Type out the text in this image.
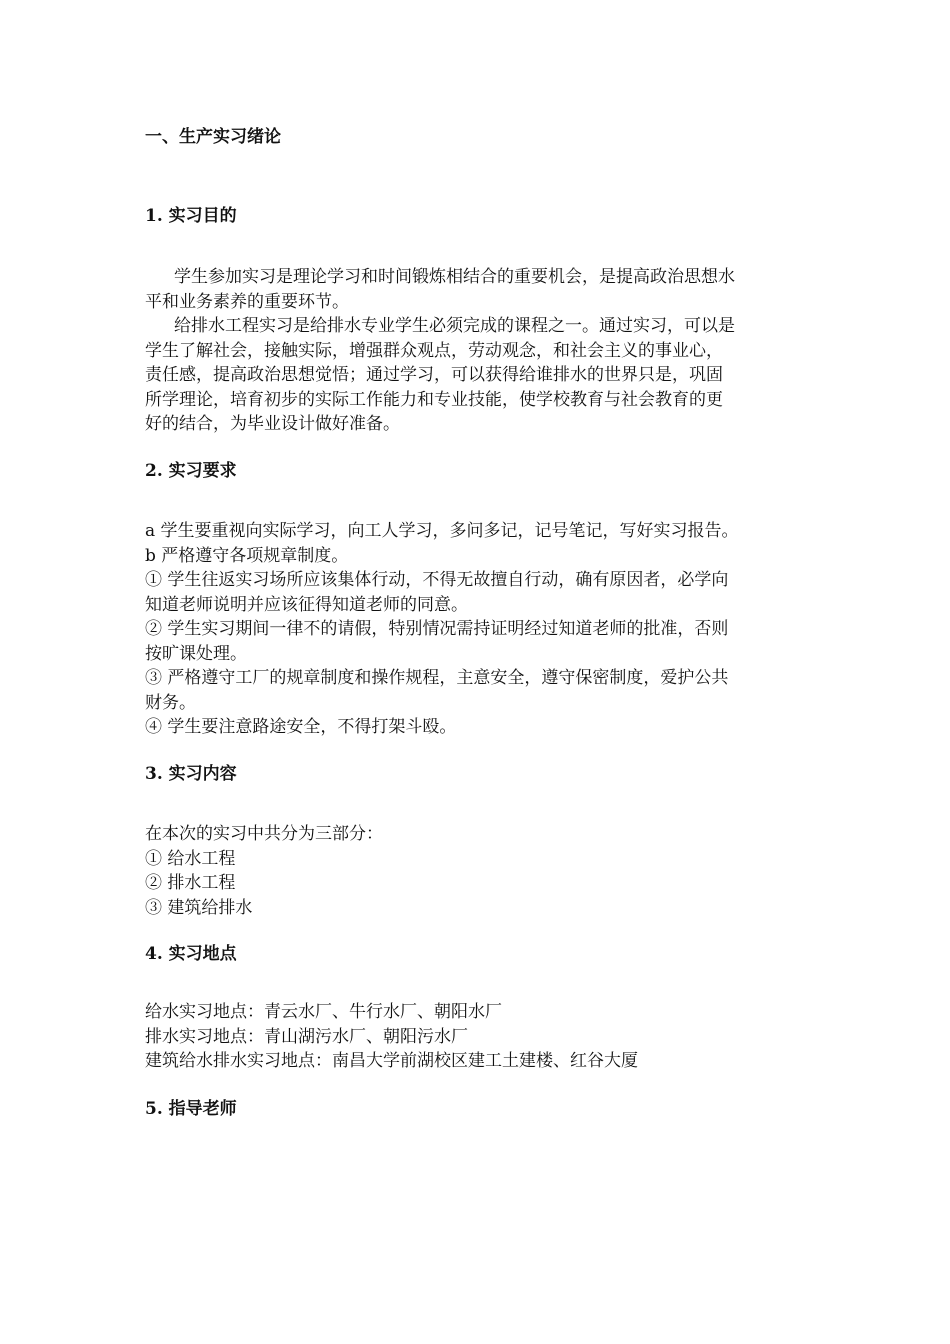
一、生产实习绪论
1. 实习目的
学生参加实习是理论学习和时间锻炼相结合的重要机会，是提高政治思想水
平和业务素养的重要环节。
给排水工程实习是给排水专业学生必须完成的课程之一。通过实习，可以是
学生了解社会，接触实际，增强群众观点，劳动观念，和社会主义的事业心，
责任感，提高政治思想觉悟；通过学习，可以获得给谁排水的世界只是，巩固
所学理论，培育初步的实际工作能力和专业技能，使学校教育与社会教育的更
好的结合，为毕业设计做好准备。
2. 实习要求
a 学生要重视向实际学习，向工人学习，多问多记，记号笔记，写好实习报告。
b 严格遵守各项规章制度。
① 学生往返实习场所应该集体行动，不得无故擅自行动，确有原因者，必学向
知道老师说明并应该征得知道老师的同意。
② 学生实习期间一律不的请假，特别情况需持证明经过知道老师的批准，否则
按旷课处理。
③ 严格遵守工厂的规章制度和操作规程，主意安全，遵守保密制度，爱护公共
财务。
④ 学生要注意路途安全，不得打架斗殴。
3. 实习内容
在本次的实习中共分为三部分：
① 给水工程
② 排水工程
③ 建筑给排水
4. 实习地点
给水实习地点：青云水厂、牛行水厂、朝阳水厂
排水实习地点：青山湖污水厂、朝阳污水厂
建筑给水排水实习地点：南昌大学前湖校区建工土建楼、红谷大厦
5. 指导老师
